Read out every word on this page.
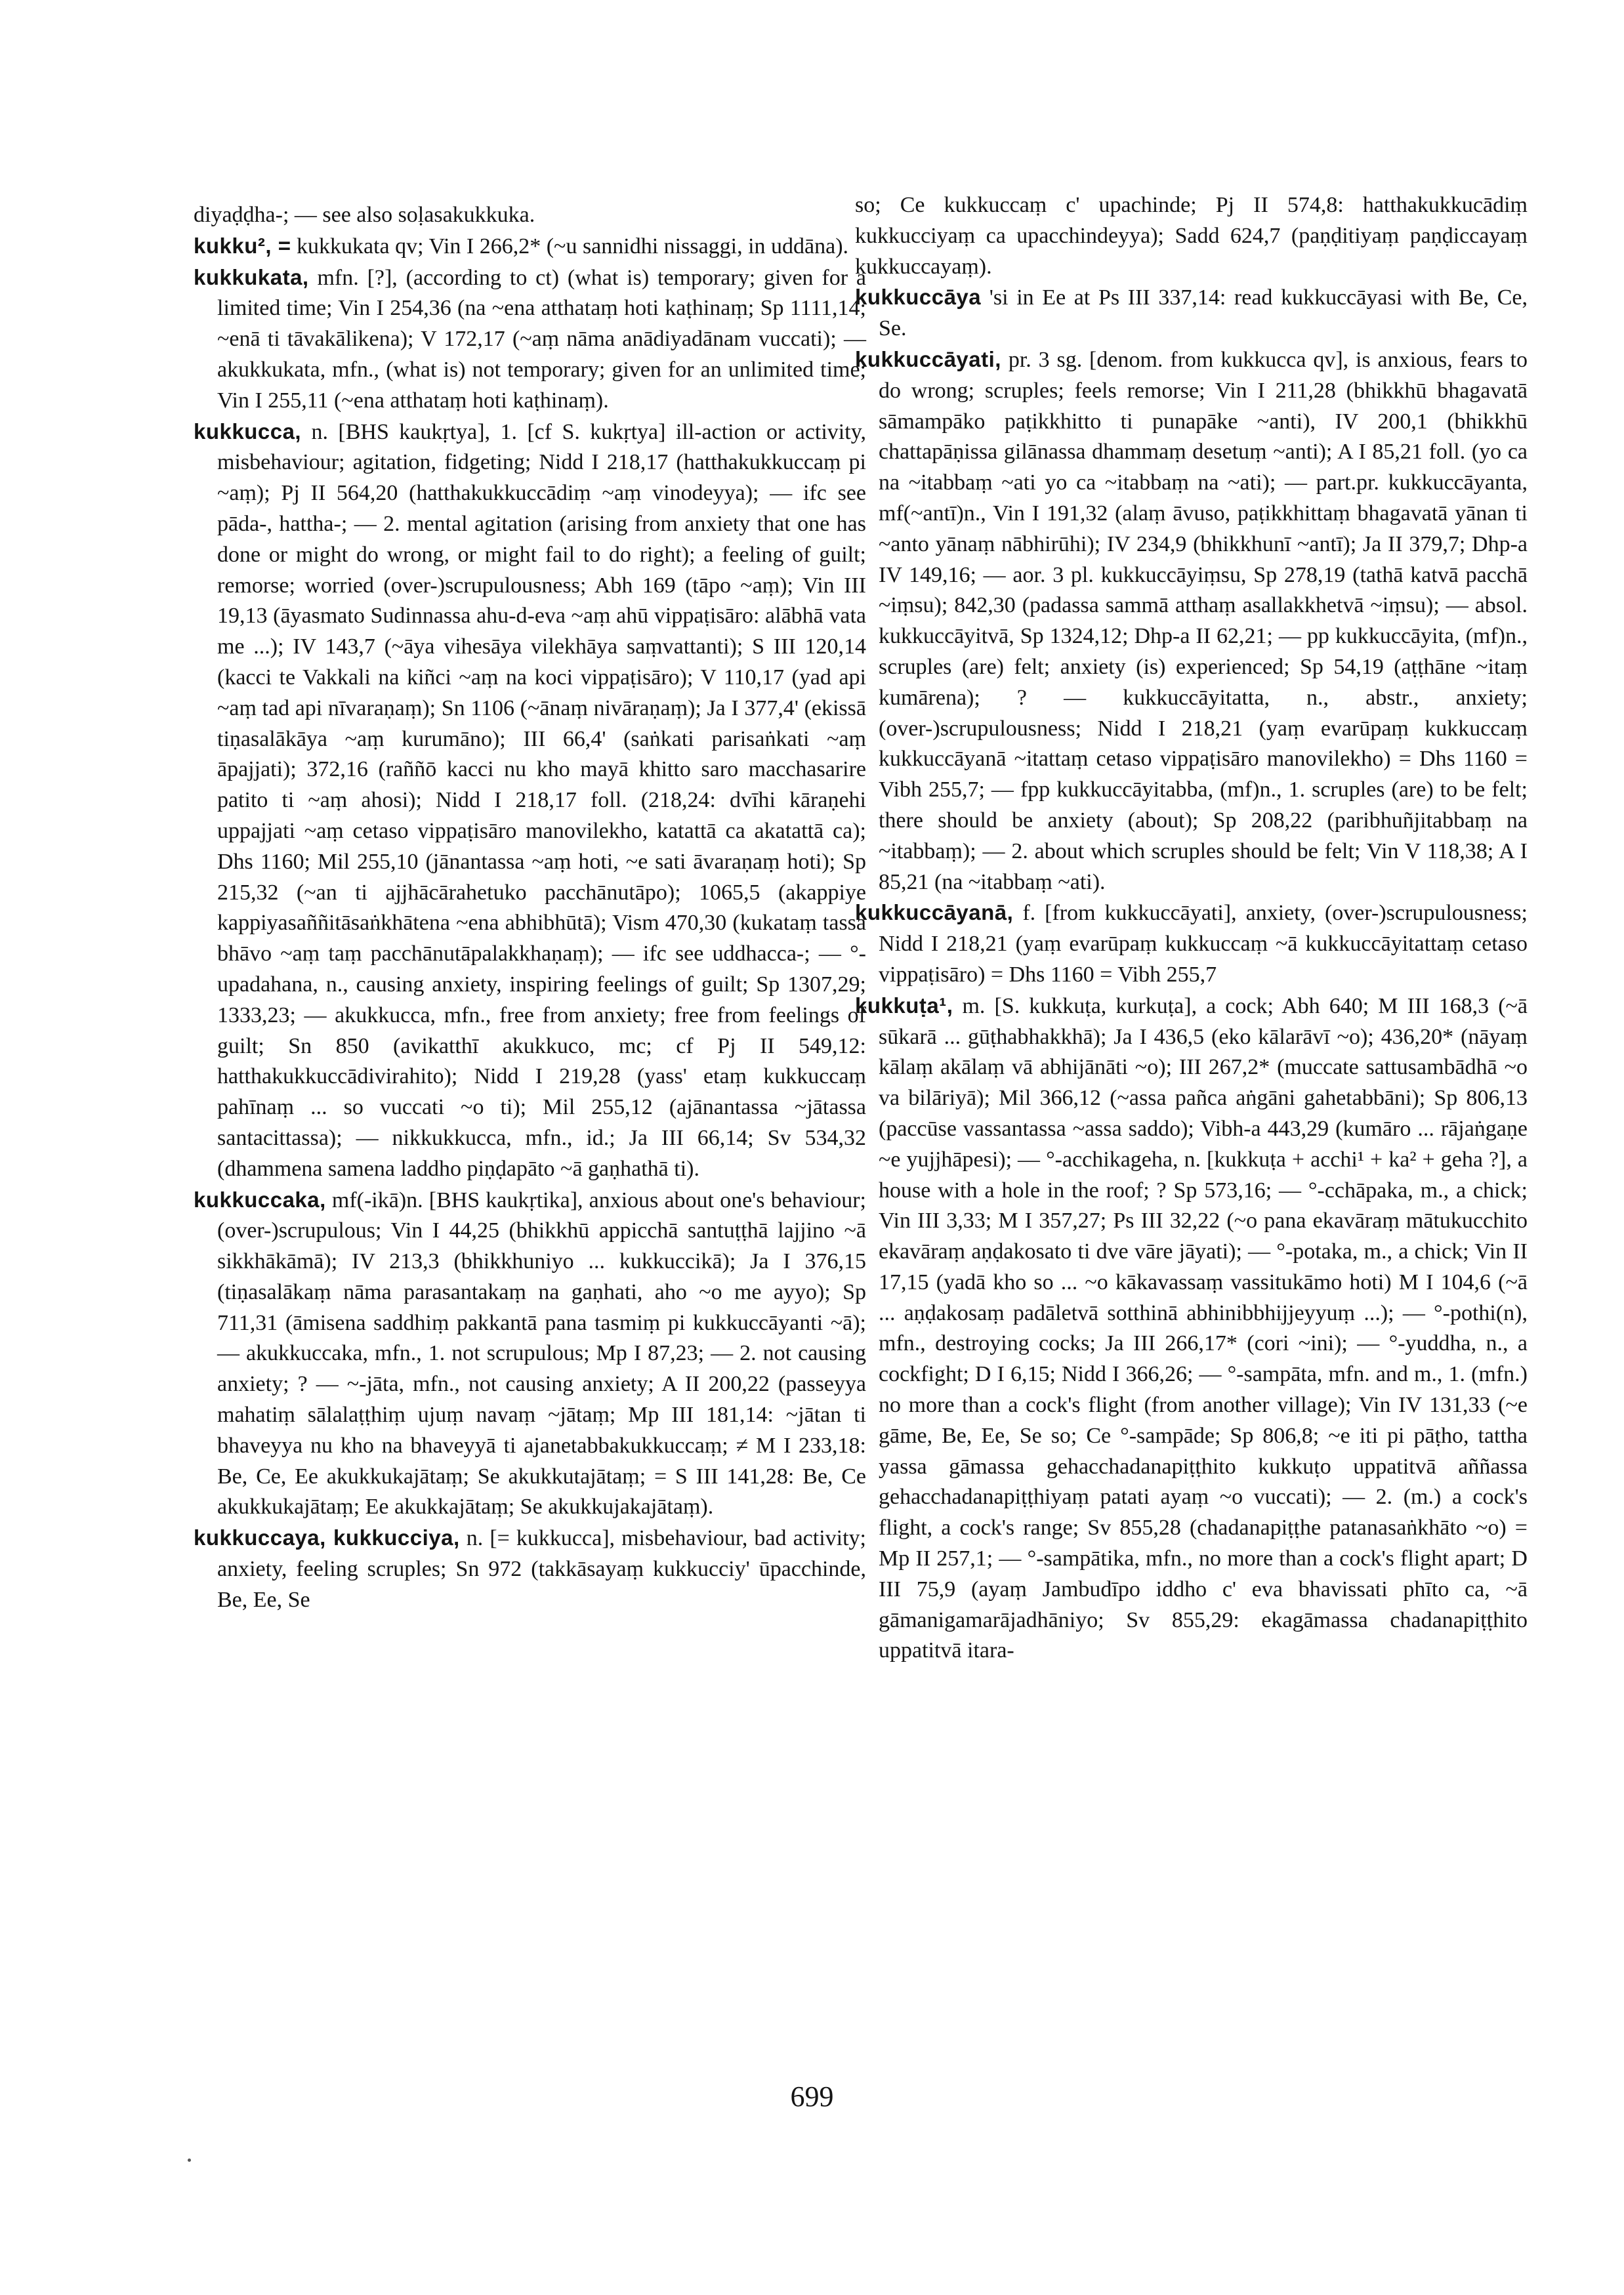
diyaḍḍha-; — see also soḷasakukkuka.
kukku², = kukkukata qv; Vin I 266,2* (~u sannidhi nissaggi, in uddāna).
kukkukata, mfn. [?], (according to ct) (what is) temporary; given for a limited time; Vin I 254,36 (na ~ena atthataṃ hoti kaṭhinaṃ; Sp 1111,14; ~enā ti tāvakālikena); V 172,17 (~aṃ nāma anādiyadānam vuccati); — akukkukata, mfn., (what is) not temporary; given for an unlimited time; Vin I 255,11 (~ena atthataṃ hoti kaṭhinaṃ).
kukkucca, n. [BHS kaukṛtya], 1. [cf S. kukṛtya] ill-action or activity, misbehaviour; agitation, fidgeting; Nidd I 218,17 (hatthakukkuccaṃ pi ~aṃ); Pj II 564,20 (hatthakukkuccādiṃ ~aṃ vinodeyya); — ifc see pāda-, hattha-; — 2. mental agitation (arising from anxiety that one has done or might do wrong, or might fail to do right); a feeling of guilt; remorse; worried (over-)scrupulousness; Abh 169 (tāpo ~aṃ); Vin III 19,13 (āyasmato Sudinnassa ahu-d-eva ~aṃ ahū vippaṭisāro: alābhā vata me ...); IV 143,7 (~āya vihesāya vilekhāya saṃvattanti); S III 120,14 (kacci te Vakkali na kiñci ~aṃ na koci vippaṭisāro); V 110,17 (yad api ~aṃ tad api nīvaraṇaṃ); Sn 1106 (~ānaṃ nivāraṇaṃ); Ja I 377,4' (ekissā tiṇasalākāya ~aṃ kurumāno); III 66,4' (saṅkati parisaṅkati ~aṃ āpajjati); 372,16 (raññō kacci nu kho mayā khitto saro macchasarire patito ti ~aṃ ahosi); Nidd I 218,17 foll. (218,24: dvīhi kāraṇehi uppajjati ~aṃ cetaso vippaṭisāro manovilekho, katattā ca akatattā ca); Dhs 1160; Mil 255,10 (jānantassa ~aṃ hoti, ~e sati āvaraṇaṃ hoti); Sp 215,32 (~an ti ajjhācārahetuko pacchānutāpo); 1065,5 (akappiye kappiyasaññitāsaṅkhātena ~ena abhibhūtā); Vism 470,30 (kukataṃ tassa bhāvo ~aṃ taṃ pacchānutāpalakkhaṇaṃ); — ifc see uddhacca-; — °-upadahana, n., causing anxiety, inspiring feelings of guilt; Sp 1307,29; 1333,23; — akukkucca, mfn., free from anxiety; free from feelings of guilt; Sn 850 (avikatthī akukkuco, mc; cf Pj II 549,12: hatthakukkuccādivirahito); Nidd I 219,28 (yass' etaṃ kukkuccaṃ pahīnaṃ ... so vuccati ~o ti); Mil 255,12 (ajānantassa ~jātassa santacittassa); — nikkukkucca, mfn., id.; Ja III 66,14; Sv 534,32 (dhammena samena laddho piṇḍapāto ~ā gaṇhathā ti).
kukkuccaka, mf(-ikā)n. [BHS kaukṛtika], anxious about one's behaviour; (over-)scrupulous; Vin I 44,25 (bhikkhū appicchā santuṭṭhā lajjino ~ā sikkhākāmā); IV 213,3 (bhikkhuniyo ... kukkuccikā); Ja I 376,15 (tiṇasalākaṃ nāma parasantakaṃ na gaṇhati, aho ~o me ayyo); Sp 711,31 (āmisena saddhiṃ pakkantā pana tasmiṃ pi kukkuccāyanti ~ā); — akukkuccaka, mfn., 1. not scrupulous; Mp I 87,23; — 2. not causing anxiety; ? — ~-jāta, mfn., not causing anxiety; A II 200,22 (passeyya mahatiṃ sālalaṭṭhiṃ ujuṃ navaṃ ~jātaṃ; Mp III 181,14: ~jātan ti bhaveyya nu kho na bhaveyyā ti ajanetabbakukkuccaṃ; ≠ M I 233,18: Be, Ce, Ee akukkukajātaṃ; Se akukkutajātaṃ; = S III 141,28: Be, Ce akukkukajātaṃ; Ee akukkajātaṃ; Se akukkujakajātaṃ).
kukkuccaya, kukkucciya, n. [= kukkucca], misbehaviour, bad activity; anxiety, feeling scruples; Sn 972 (takkāsayaṃ kukkucciy' ūpacchinde, Be, Ee, Se
so; Ce kukkuccaṃ c' upachinde; Pj II 574,8: hatthakukkucādiṃ kukkucciyaṃ ca upacchindeyya); Sadd 624,7 (paṇḍitiyaṃ paṇḍiccayaṃ kukkuccayaṃ).
kukkuccāya 'si in Ee at Ps III 337,14: read kukkuccāyasi with Be, Ce, Se.
kukkuccāyati, pr. 3 sg. [denom. from kukkucca qv], is anxious, fears to do wrong; scruples; feels remorse; Vin I 211,28 (bhikkhū bhagavatā sāmampāko paṭikkhitto ti punapāke ~anti), IV 200,1 (bhikkhū chattapāṇissa gilānassa dhammaṃ desetuṃ ~anti); A I 85,21 foll. (yo ca na ~itabbaṃ ~ati yo ca ~itabbaṃ na ~ati); — part.pr. kukkuccāyanta, mf(~antī)n., Vin I 191,32 (alaṃ āvuso, paṭikkhittaṃ bhagavatā yānan ti ~anto yānaṃ nābhirūhi); IV 234,9 (bhikkhunī ~antī); Ja II 379,7; Dhp-a IV 149,16; — aor. 3 pl. kukkuccāyiṃsu, Sp 278,19 (tathā katvā pacchā ~iṃsu); 842,30 (padassa sammā atthaṃ asallakkhetvā ~iṃsu); — absol. kukkuccāyitvā, Sp 1324,12; Dhp-a II 62,21; — pp kukkuccāyita, (mf)n., scruples (are) felt; anxiety (is) experienced; Sp 54,19 (aṭṭhāne ~itaṃ kumārena); ? — kukkuccāyitatta, n., abstr., anxiety; (over-)scrupulousness; Nidd I 218,21 (yaṃ evarūpaṃ kukkuccaṃ kukkuccāyanā ~itattaṃ cetaso vippaṭisāro manovilekho) = Dhs 1160 = Vibh 255,7; — fpp kukkuccāyitabba, (mf)n., 1. scruples (are) to be felt; there should be anxiety (about); Sp 208,22 (paribhuñjitabbaṃ na ~itabbaṃ); — 2. about which scruples should be felt; Vin V 118,38; A I 85,21 (na ~itabbaṃ ~ati).
kukkuccāyanā, f. [from kukkuccāyati], anxiety, (over-)scrupulousness; Nidd I 218,21 (yaṃ evarūpaṃ kukkuccaṃ ~ā kukkuccāyitattaṃ cetaso vippaṭisāro) = Dhs 1160 = Vibh 255,7
kukkuṭa¹, m. [S. kukkuṭa, kurkuṭa], a cock; Abh 640; M III 168,3 (~ā sūkarā ... gūṭhabhakkhā); Ja I 436,5 (eko kālarāvī ~o); 436,20* (nāyaṃ kālaṃ akālaṃ vā abhijānāti ~o); III 267,2* (muccate sattusambādhā ~o va bilāriyā); Mil 366,12 (~assa pañca aṅgāni gahetabbāni); Sp 806,13 (paccūse vassantassa ~assa saddo); Vibh-a 443,29 (kumāro ... rājaṅgaṇe ~e yujjhāpesi); — °-acchikageha, n. [kukkuṭa + acchi¹ + ka² + geha ?], a house with a hole in the roof; ? Sp 573,16; — °-cchāpaka, m., a chick; Vin III 3,33; M I 357,27; Ps III 32,22 (~o pana ekavāraṃ mātukucchito ekavāraṃ aṇḍakosato ti dve vāre jāyati); — °-potaka, m., a chick; Vin II 17,15 (yadā kho so ... ~o kākavassaṃ vassitukāmo hoti) M I 104,6 (~ā ... aṇḍakosaṃ padāletvā sotthinā abhinibbhijjeyyuṃ ...); — °-pothi(n), mfn., destroying cocks; Ja III 266,17* (cori ~ini); — °-yuddha, n., a cockfight; D I 6,15; Nidd I 366,26; — °-sampāta, mfn. and m., 1. (mfn.) no more than a cock's flight (from another village); Vin IV 131,33 (~e gāme, Be, Ee, Se so; Ce °-sampāde; Sp 806,8; ~e iti pi pāṭho, tattha yassa gāmassa gehacchadanapiṭṭhito kukkuṭo uppatitvā aññassa gehacchadanapiṭṭhiyaṃ patati ayaṃ ~o vuccati); — 2. (m.) a cock's flight, a cock's range; Sv 855,28 (chadanapiṭṭhe patanasaṅkhāto ~o) = Mp II 257,1; — °-sampātika, mfn., no more than a cock's flight apart; D III 75,9 (ayaṃ Jambudīpo iddho c' eva bhavissati phīto ca, ~ā gāmanigamarājadhāniyo; Sv 855,29: ekagāmassa chadanapiṭṭhito uppatitvā itara-
699
